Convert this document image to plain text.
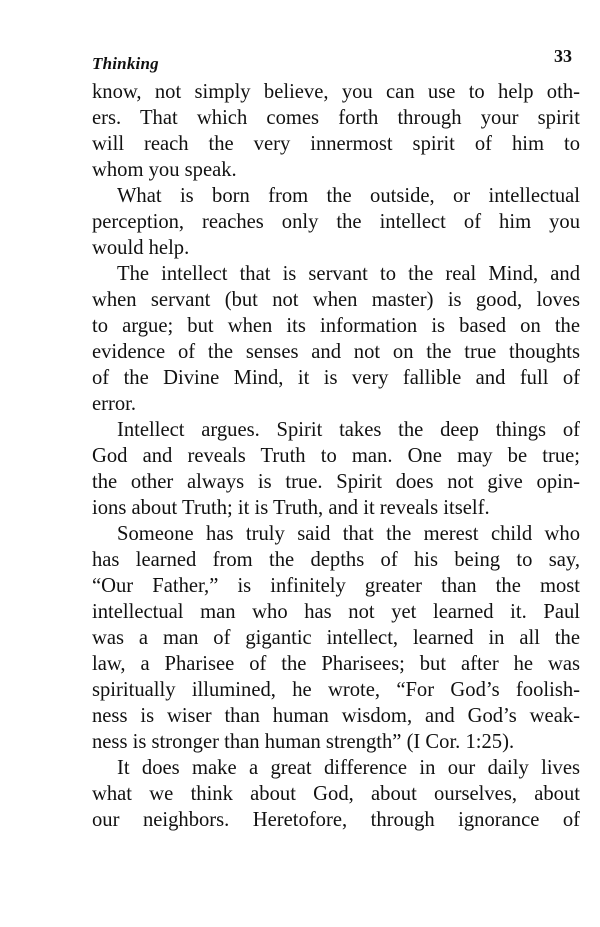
Thinking	33
know, not simply believe, you can use to help oth-
ers. That which comes forth through your spirit
will reach the very innermost spirit of him to
whom you speak.
What is born from the outside, or intellectual
perception, reaches only the intellect of him you
would help.
The intellect that is servant to the real Mind, and
when servant (but not when master) is good, loves
to argue; but when its information is based on the
evidence of the senses and not on the true thoughts
of the Divine Mind, it is very fallible and full of
error.
Intellect argues. Spirit takes the deep things of
God and reveals Truth to man. One may be true;
the other always is true. Spirit does not give opin-
ions about Truth; it is Truth, and it reveals itself.
Someone has truly said that the merest child who
has learned from the depths of his being to say,
“Our Father,” is infinitely greater than the most
intellectual man who has not yet learned it. Paul
was a man of gigantic intellect, learned in all the
law, a Pharisee of the Pharisees; but after he was
spiritually illumined, he wrote, “For God’s foolish-
ness is wiser than human wisdom, and God’s weak-
ness is stronger than human strength” (I Cor. 1:25).
It does make a great difference in our daily lives
what we think about God, about ourselves, about
our neighbors. Heretofore, through ignorance of
